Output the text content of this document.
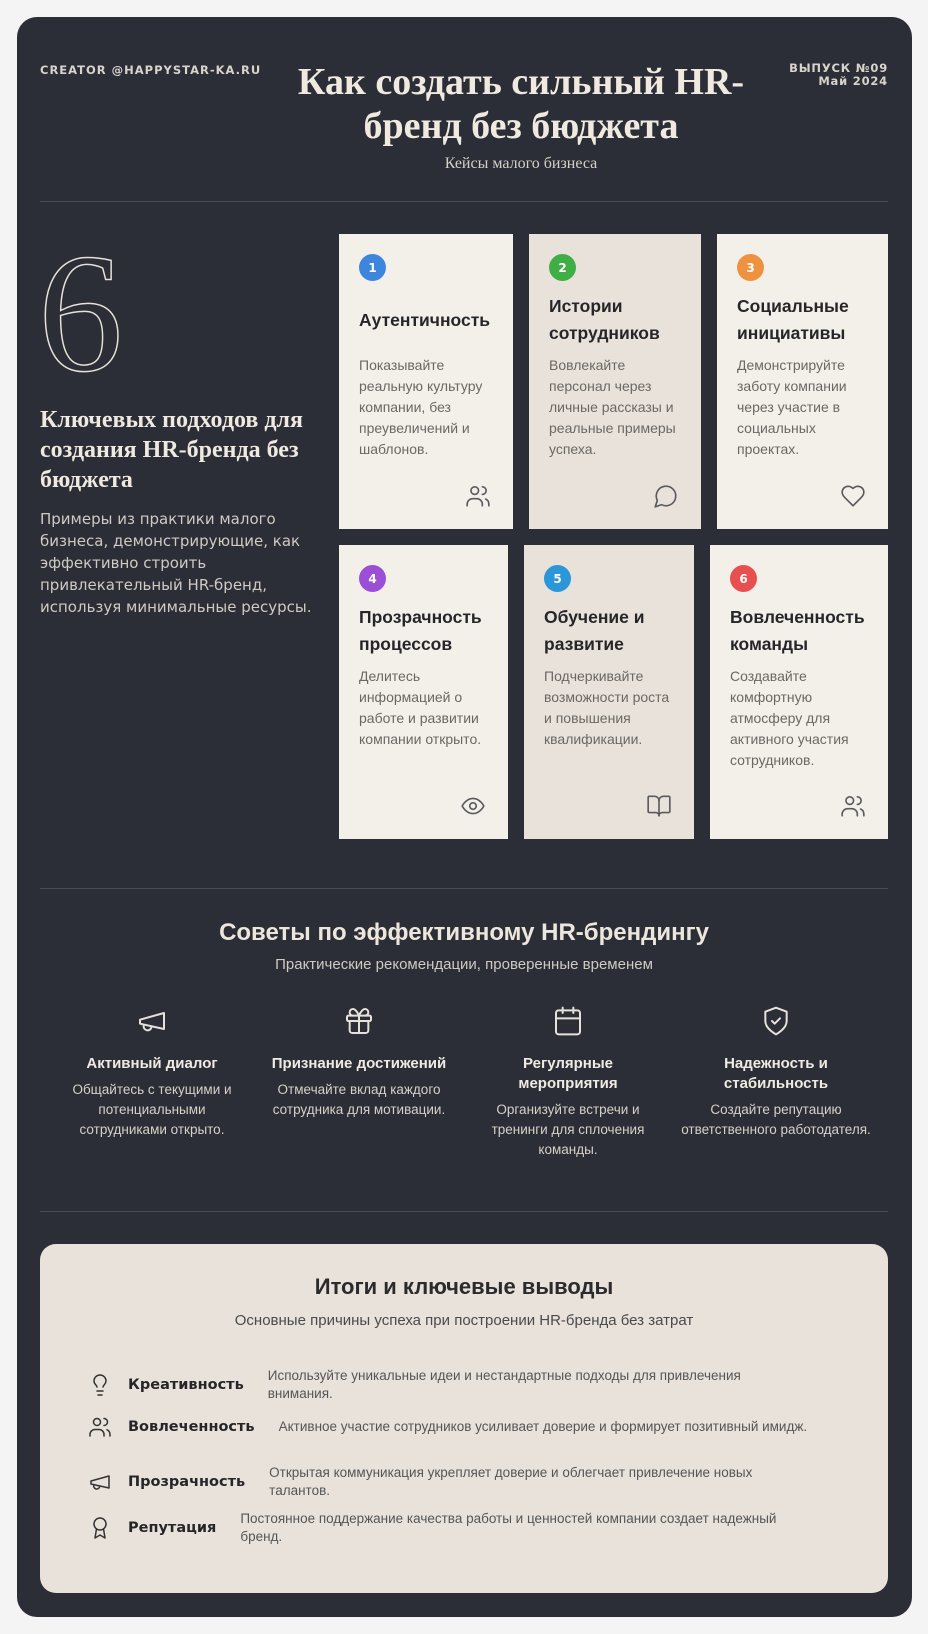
CREATOR @HAPPYSTAR-KA.RU	ВЫПУСК №09
Май 2024
Как создать сильный HR-бренд без бюджета
Кейсы малого бизнеса
6
Ключевых подходов для создания HR-бренда без бюджета
Примеры из практики малого бизнеса, демонстрирующие, как эффективно строить привлекательный HR-бренд, используя минимальные ресурсы.
1
Аутентичность
Показывайте реальную культуру компании, без преувеличений и шаблонов.
2
Истории сотрудников
Вовлекайте персонал через личные рассказы и реальные примеры успеха.
3
Социальные инициативы
Демонстрируйте заботу компании через участие в социальных проектах.
4
Прозрачность процессов
Делитесь информацией о работе и развитии компании открыто.
5
Обучение и развитие
Подчеркивайте возможности роста и повышения квалификации.
6
Вовлеченность команды
Создавайте комфортную атмосферу для активного участия сотрудников.
Советы по эффективному HR-брендингу
Практические рекомендации, проверенные временем
Активный диалог
Общайтесь с текущими и потенциальными сотрудниками открыто.
Признание достижений
Отмечайте вклад каждого сотрудника для мотивации.
Регулярные мероприятия
Организуйте встречи и тренинги для сплочения команды.
Надежность и стабильность
Создайте репутацию ответственного работодателя.
Итоги и ключевые выводы
Основные причины успеха при построении HR-бренда без затрат
Креативность
Используйте уникальные идеи и нестандартные подходы для привлечения внимания.
Вовлеченность Активное участие сотрудников усиливает доверие и формирует позитивный имидж.
Прозрачность
Открытая коммуникация укрепляет доверие и облегчает привлечение новых талантов.
Репутация
Постоянное поддержание качества работы и ценностей компании создает надежный бренд.
